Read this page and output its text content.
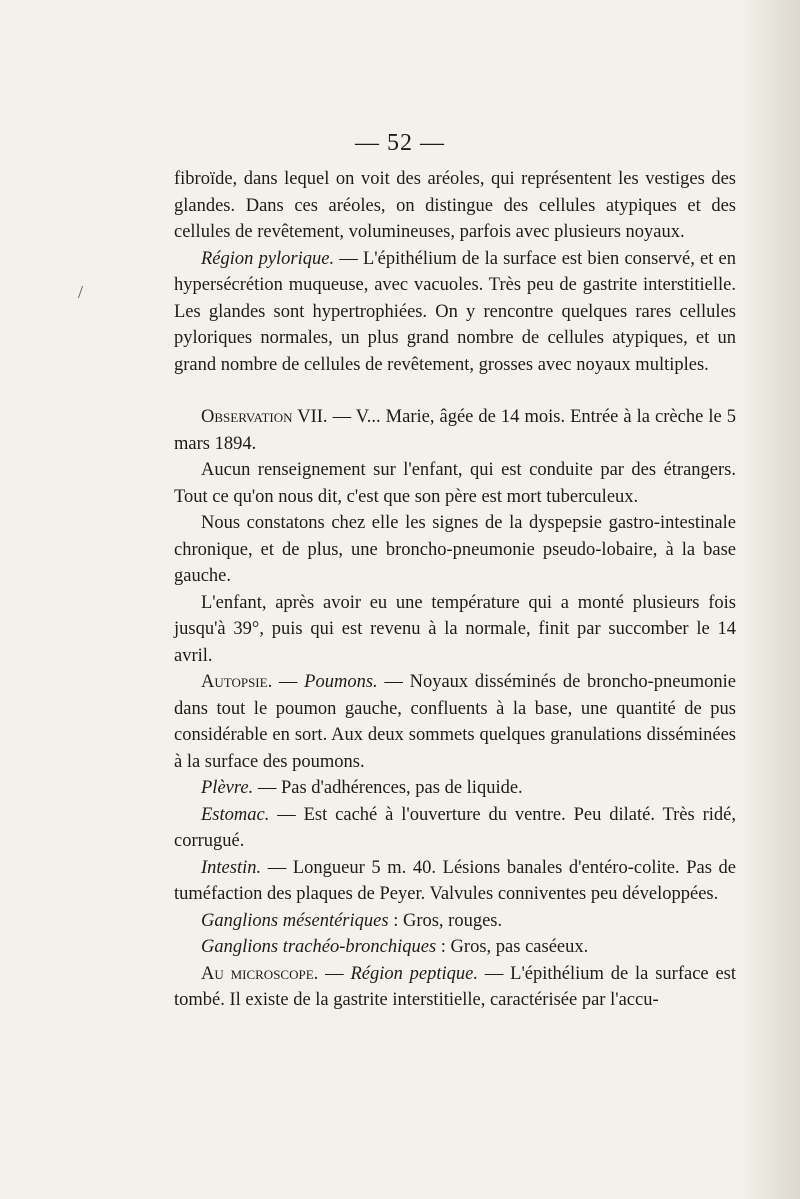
/
— 52 —

fibroïde, dans lequel on voit des aréoles, qui représentent les vestiges des glandes. Dans ces aréoles, on distingue des cellules atypiques et des cellules de revêtement, volumineuses, parfois avec plusieurs noyaux.

Région pylorique. — L'épithélium de la surface est bien conservé, et en hypersécrétion muqueuse, avec vacuoles. Très peu de gastrite interstitielle. Les glandes sont hypertrophiées. On y rencontre quelques rares cellules pyloriques normales, un plus grand nombre de cellules atypiques, et un grand nombre de cellules de revêtement, grosses avec noyaux multiples.

Observation VII. — V... Marie, âgée de 14 mois. Entrée à la crèche le 5 mars 1894.

Aucun renseignement sur l'enfant, qui est conduite par des étrangers. Tout ce qu'on nous dit, c'est que son père est mort tuberculeux.

Nous constatons chez elle les signes de la dyspepsie gastro-intestinale chronique, et de plus, une broncho-pneumonie pseudo-lobaire, à la base gauche.

L'enfant, après avoir eu une température qui a monté plusieurs fois jusqu'à 39°, puis qui est revenu à la normale, finit par succomber le 14 avril.

Autopsie. — Poumons. — Noyaux disséminés de broncho-pneumonie dans tout le poumon gauche, confluents à la base, une quantité de pus considérable en sort. Aux deux sommets quelques granulations disséminées à la surface des poumons.

Plèvre. — Pas d'adhérences, pas de liquide.

Estomac. — Est caché à l'ouverture du ventre. Peu dilaté. Très ridé, corrugué.

Intestin. — Longueur 5 m. 40. Lésions banales d'entéro-colite. Pas de tuméfaction des plaques de Peyer. Valvules conniventes peu développées.

Ganglions mésentériques : Gros, rouges.

Ganglions trachéo-bronchiques : Gros, pas caséeux.

Au microscope. — Région peptique. — L'épithélium de la surface est tombé. Il existe de la gastrite interstitielle, caractérisée par l'accu-
